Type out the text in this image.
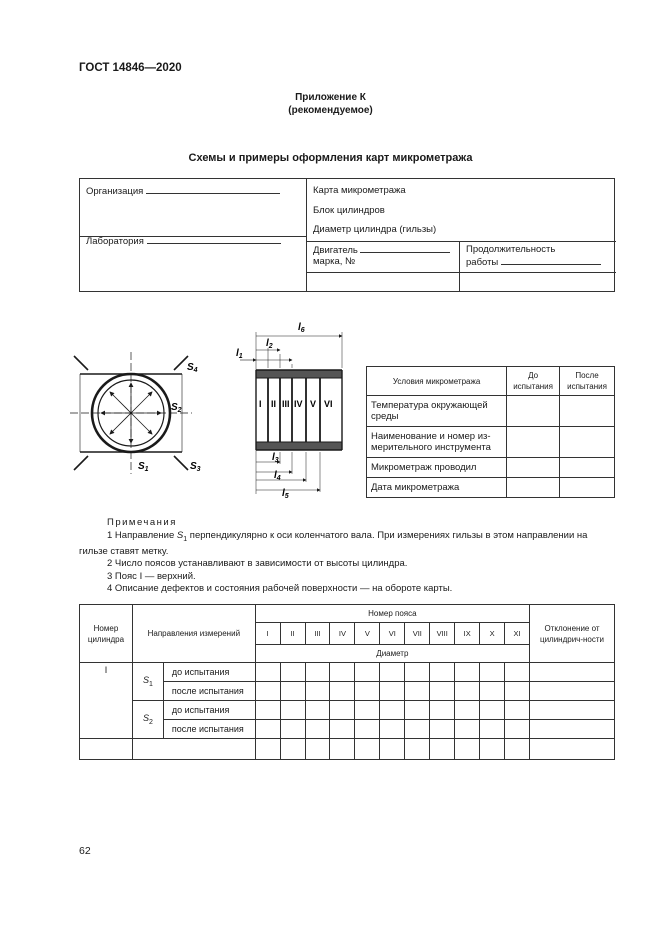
ГОСТ 14846—2020
Приложение К
(рекомендуемое)
Схемы и примеры оформления карт микрометража
Организация
Лаборатория
Карта микрометража
Блок цилиндров
Диаметр цилиндра (гильзы)
Двигатель
марка, №
Продолжительность
работы
$S_4$
$S_2$
$S_1$	$S_3$
$l_6$
$l_2$
$l_1$
$l_3$
$l_4$
$l_5$
I II III IV V VI
Условия микрометража	До испытания	После испытания
Температура окружающей среды		
Наименование и номер из-мерительного инструмента		
Микрометраж проводил		
Дата микрометража		
Примечания
1 Направление $S_1$ перпендикулярно к оси коленчатого вала. При измерениях гильзы в этом направлении на
гильзе ставят метку.
2 Число поясов устанавливают в зависимости от высоты цилиндра.
3 Пояс I — верхний.
4 Описание дефектов и состояния рабочей поверхности — на обороте карты.
Номер цилиндра	Направления измерений		Номер пояса											Отклонение от цилиндрич-ности
			I	II	III	IV	V	VI	VII	VIII	IX	X	XI	
			Диаметр											
I	$S_1$	до испытания												
		после испытания												
	$S_2$	до испытания												
		после испытания												

62
